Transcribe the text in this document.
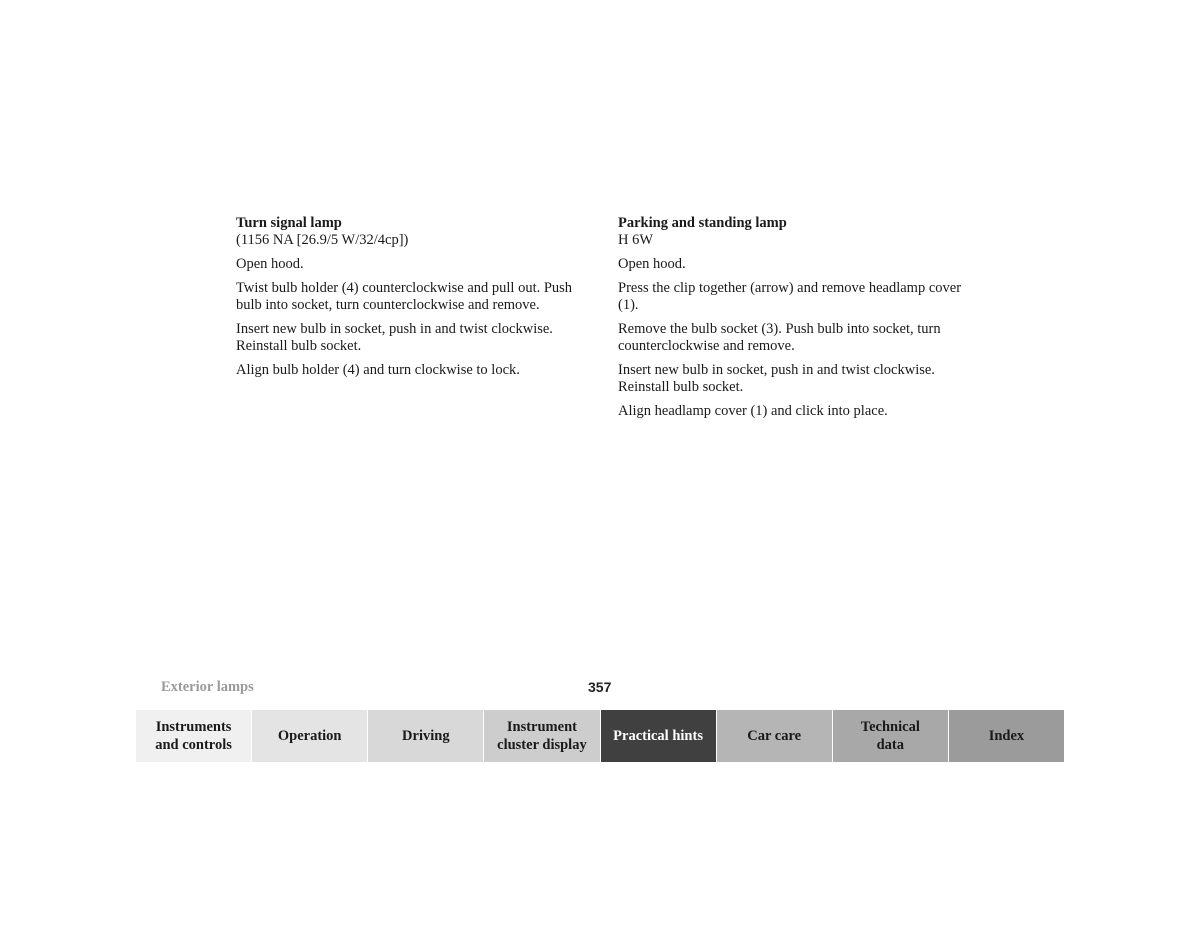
Turn signal lamp
(1156 NA [26.9/5 W/32/4cp])

Open hood.

Twist bulb holder (4) counterclockwise and pull out. Push bulb into socket, turn counterclockwise and remove.

Insert new bulb in socket, push in and twist clockwise. Reinstall bulb socket.

Align bulb holder (4) and turn clockwise to lock.

Parking and standing lamp
H 6W

Open hood.

Press the clip together (arrow) and remove headlamp cover (1).

Remove the bulb socket (3). Push bulb into socket, turn counterclockwise and remove.

Insert new bulb in socket, push in and twist clockwise. Reinstall bulb socket.

Align headlamp cover (1) and click into place.

Exterior lamps	357
Instruments
and controls
Operation	Driving
Instrument
cluster display
Practical hints	Car care
Technical
data
Index
